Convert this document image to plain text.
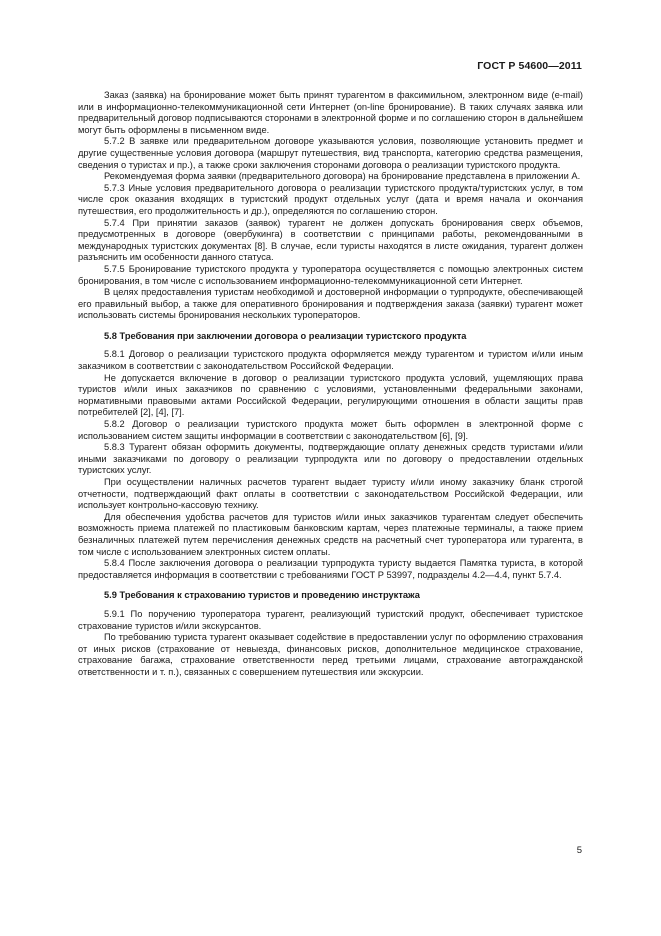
ГОСТ Р 54600—2011

Заказ (заявка) на бронирование может быть принят турагентом в факсимильном, электронном виде (e-mail) или в информационно-телекоммуникационной сети Интернет (on-line бронирование). В таких случаях заявка или предварительный договор подписываются сторонами в электронной форме и по соглашению сторон в дальнейшем могут быть оформлены в письменном виде.

5.7.2 В заявке или предварительном договоре указываются условия, позволяющие установить предмет и другие существенные условия договора (маршрут путешествия, вид транспорта, категорию средства размещения, сведения о туристах и пр.), а также сроки заключения сторонами договора о реализации туристского продукта.

Рекомендуемая форма заявки (предварительного договора) на бронирование представлена в приложении А.

5.7.3 Иные условия предварительного договора о реализации туристского продукта/туристских услуг, в том числе срок оказания входящих в туристский продукт отдельных услуг (дата и время начала и окончания путешествия, его продолжительность и др.), определяются по соглашению сторон.

5.7.4 При принятии заказов (заявок) турагент не должен допускать бронирования сверх объемов, предусмотренных в договоре (овербукинга) в соответствии с принципами работы, рекомендованными в международных туристских документах [8]. В случае, если туристы находятся в листе ожидания, турагент должен разъяснить им особенности данного статуса.

5.7.5 Бронирование туристского продукта у туроператора осуществляется с помощью электронных систем бронирования, в том числе с использованием информационно-телекоммуникационной сети Интернет.

В целях предоставления туристам необходимой и достоверной информации о турпродукте, обеспечивающей его правильный выбор, а также для оперативного бронирования и подтверждения заказа (заявки) турагент может использовать системы бронирования нескольких туроператоров.

5.8 Требования при заключении договора о реализации туристского продукта

5.8.1 Договор о реализации туристского продукта оформляется между турагентом и туристом и/или иным заказчиком в соответствии с законодательством Российской Федерации.

Не допускается включение в договор о реализации туристского продукта условий, ущемляющих права туристов и/или иных заказчиков по сравнению с условиями, установленными федеральными законами, нормативными правовыми актами Российской Федерации, регулирующими отношения в области защиты прав потребителей [2], [4], [7].

5.8.2 Договор о реализации туристского продукта может быть оформлен в электронной форме с использованием систем защиты информации в соответствии с законодательством [6], [9].

5.8.3 Турагент обязан оформить документы, подтверждающие оплату денежных средств туристами и/или иными заказчиками по договору о реализации турпродукта или по договору о предоставлении отдельных туристских услуг.

При осуществлении наличных расчетов турагент выдает туристу и/или иному заказчику бланк строгой отчетности, подтверждающий факт оплаты в соответствии с законодательством Российской Федерации, или использует контрольно-кассовую технику.

Для обеспечения удобства расчетов для туристов и/или иных заказчиков турагентам следует обеспечить возможность приема платежей по пластиковым банковским картам, через платежные терминалы, а также прием безналичных платежей путем перечисления денежных средств на расчетный счет туроператора или турагента, в том числе с использованием электронных систем оплаты.

5.8.4 После заключения договора о реализации турпродукта туристу выдается Памятка туриста, в которой предоставляется информация в соответствии с требованиями ГОСТ Р 53997, подразделы 4.2—4.4, пункт 5.7.4.

5.9 Требования к страхованию туристов и проведению инструктажа

5.9.1 По поручению туроператора турагент, реализующий туристский продукт, обеспечивает туристское страхование туристов и/или экскурсантов.

По требованию туриста турагент оказывает содействие в предоставлении услуг по оформлению страхования от иных рисков (страхование от невыезда, финансовых рисков, дополнительное медицинское страхование, страхование багажа, страхование ответственности перед третьими лицами, страхование автогражданской ответственности и т. п.), связанных с совершением путешествия или экскурсии.

5
